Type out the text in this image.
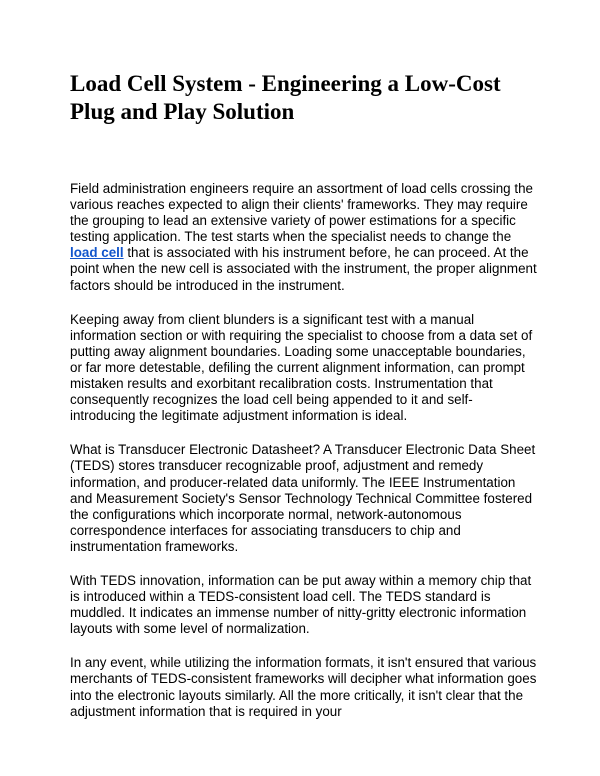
Load Cell System - Engineering a Low-Cost Plug and Play Solution

Field administration engineers require an assortment of load cells crossing the various reaches expected to align their clients' frameworks. They may require the grouping to lead an extensive variety of power estimations for a specific testing application. The test starts when the specialist needs to change the load cell that is associated with his instrument before, he can proceed. At the point when the new cell is associated with the instrument, the proper alignment factors should be introduced in the instrument.

Keeping away from client blunders is a significant test with a manual information section or with requiring the specialist to choose from a data set of putting away alignment boundaries. Loading some unacceptable boundaries, or far more detestable, defiling the current alignment information, can prompt mistaken results and exorbitant recalibration costs. Instrumentation that consequently recognizes the load cell being appended to it and self-introducing the legitimate adjustment information is ideal.

What is Transducer Electronic Datasheet? A Transducer Electronic Data Sheet (TEDS) stores transducer recognizable proof, adjustment and remedy information, and producer-related data uniformly. The IEEE Instrumentation and Measurement Society's Sensor Technology Technical Committee fostered the configurations which incorporate normal, network-autonomous correspondence interfaces for associating transducers to chip and instrumentation frameworks.

With TEDS innovation, information can be put away within a memory chip that is introduced within a TEDS-consistent load cell. The TEDS standard is muddled. It indicates an immense number of nitty-gritty electronic information layouts with some level of normalization.

In any event, while utilizing the information formats, it isn't ensured that various merchants of TEDS-consistent frameworks will decipher what information goes into the electronic layouts similarly. All the more critically, it isn't clear that the adjustment information that is required in your
